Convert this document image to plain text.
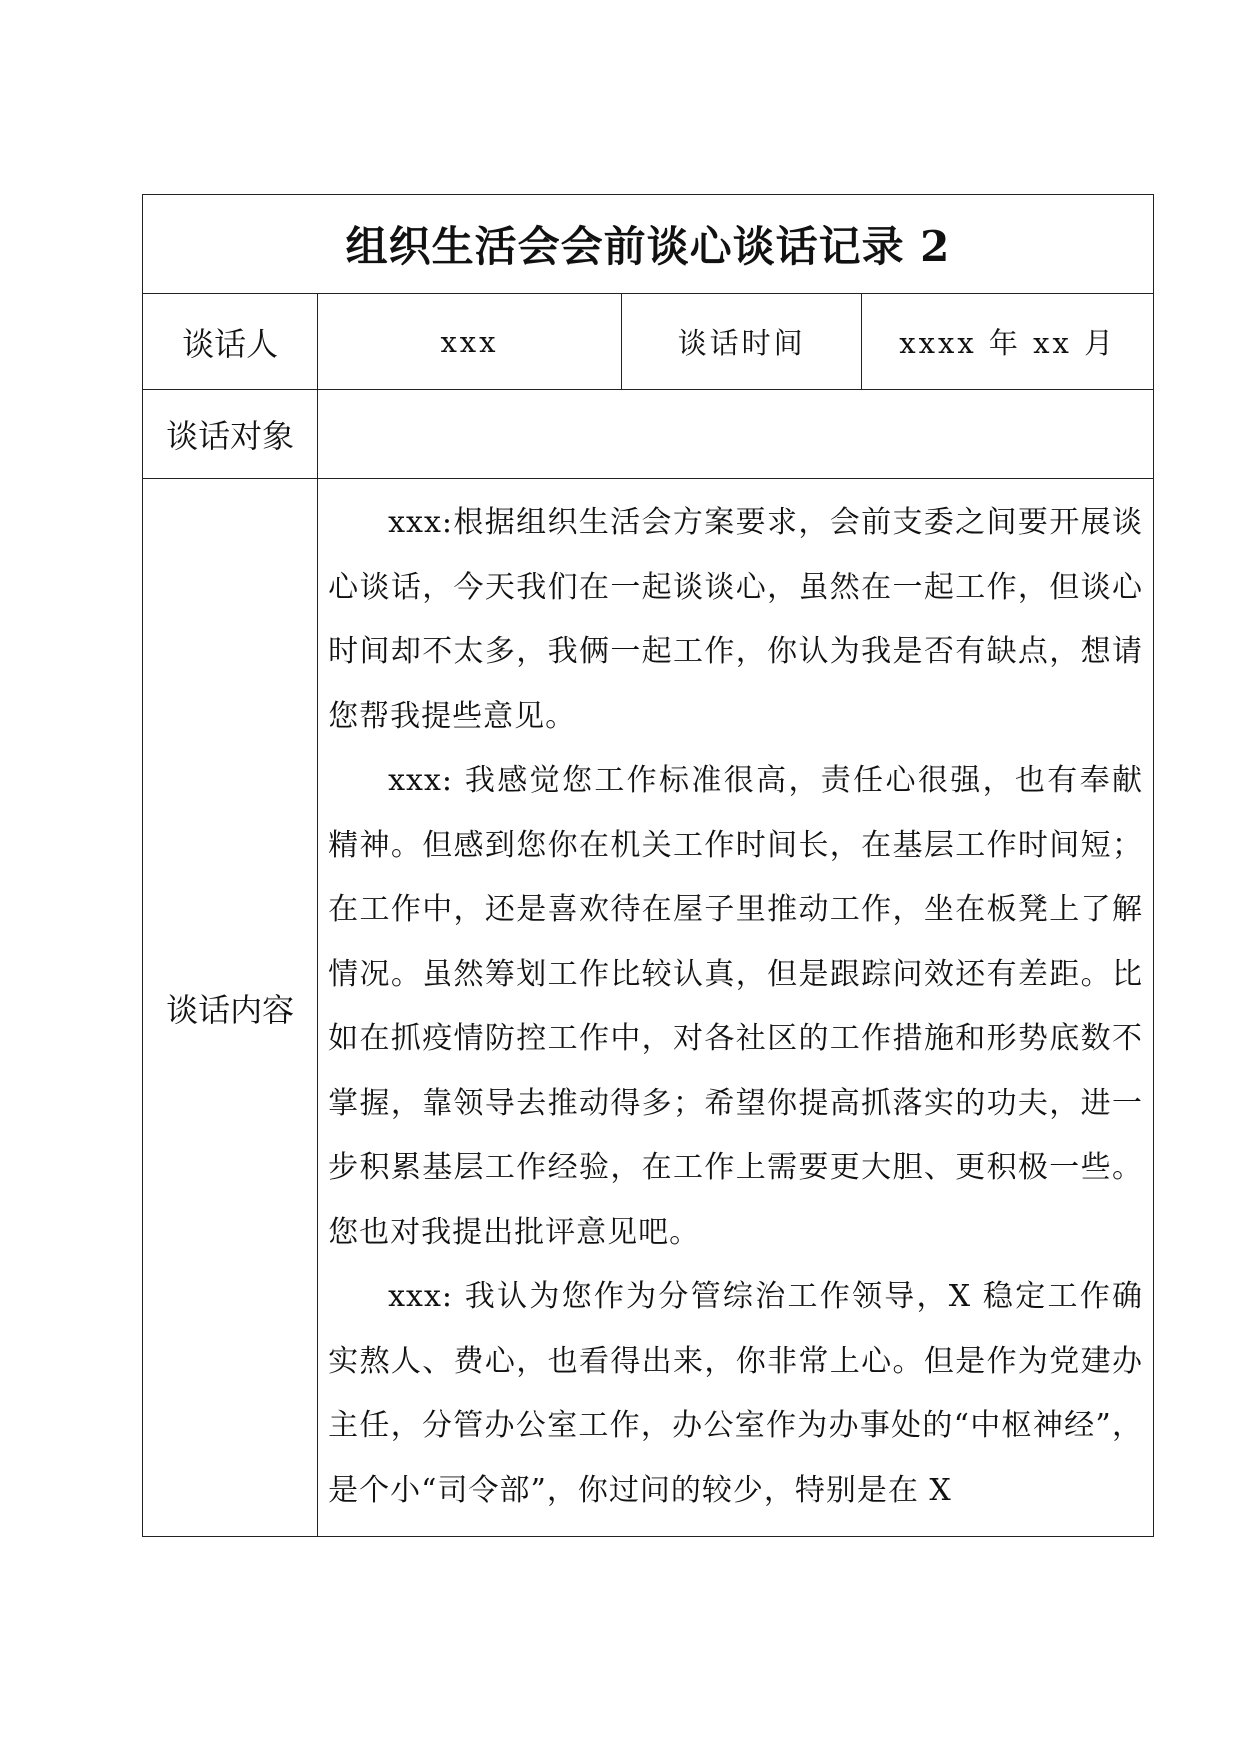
组织生活会会前谈心谈话记录 2			
谈话人	xxx	谈话时间	xxxx 年 xx 月
谈话对象			
谈话内容	xxx:根据组织生活会方案要求，会前支委之间要开展谈心谈话，今天我们在一起谈谈心，虽然在一起工作，但谈心时间却不太多，我俩一起工作，你认为我是否有缺点，想请您帮我提些意见。

xxx: 我感觉您工作标准很高，责任心很强，也有奉献精神。但感到您你在机关工作时间长，在基层工作时间短；在工作中，还是喜欢待在屋子里推动工作，坐在板凳上了解情况。虽然筹划工作比较认真，但是跟踪问效还有差距。比如在抓疫情防控工作中，对各社区的工作措施和形势底数不掌握，靠领导去推动得多；希望你提高抓落实的功夫，进一步积累基层工作经验，在工作上需要更大胆、更积极一些。您也对我提出批评意见吧。

xxx: 我认为您作为分管综治工作领导，X 稳定工作确实熬人、费心，也看得出来，你非常上心。但是作为党建办主任，分管办公室工作，办公室作为办事处的“中枢神经”，是个小“司令部”，你过问的较少，特别是在 X		
